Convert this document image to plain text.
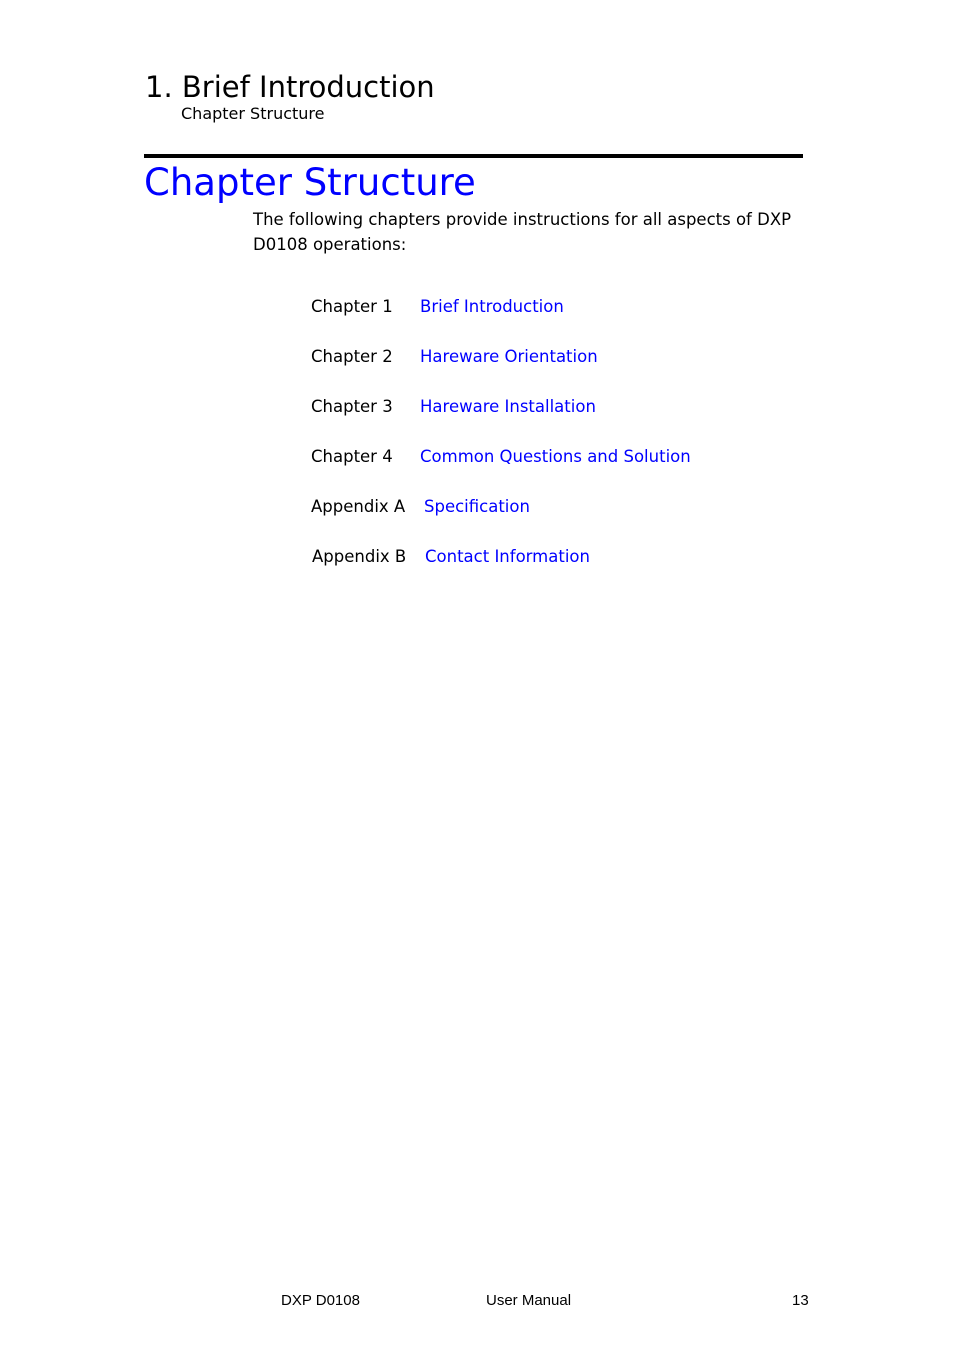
1. Brief Introduction
Chapter Structure
Chapter Structure
The following chapters provide instructions for all aspects of DXP D0108 operations:
Chapter 1 Brief Introduction
Chapter 2 Hareware Orientation
Chapter 3 Hareware Installation
Chapter 4 Common Questions and Solution
Appendix A Specification
Appendix B Contact Information
DXP D0108	User Manual	13
